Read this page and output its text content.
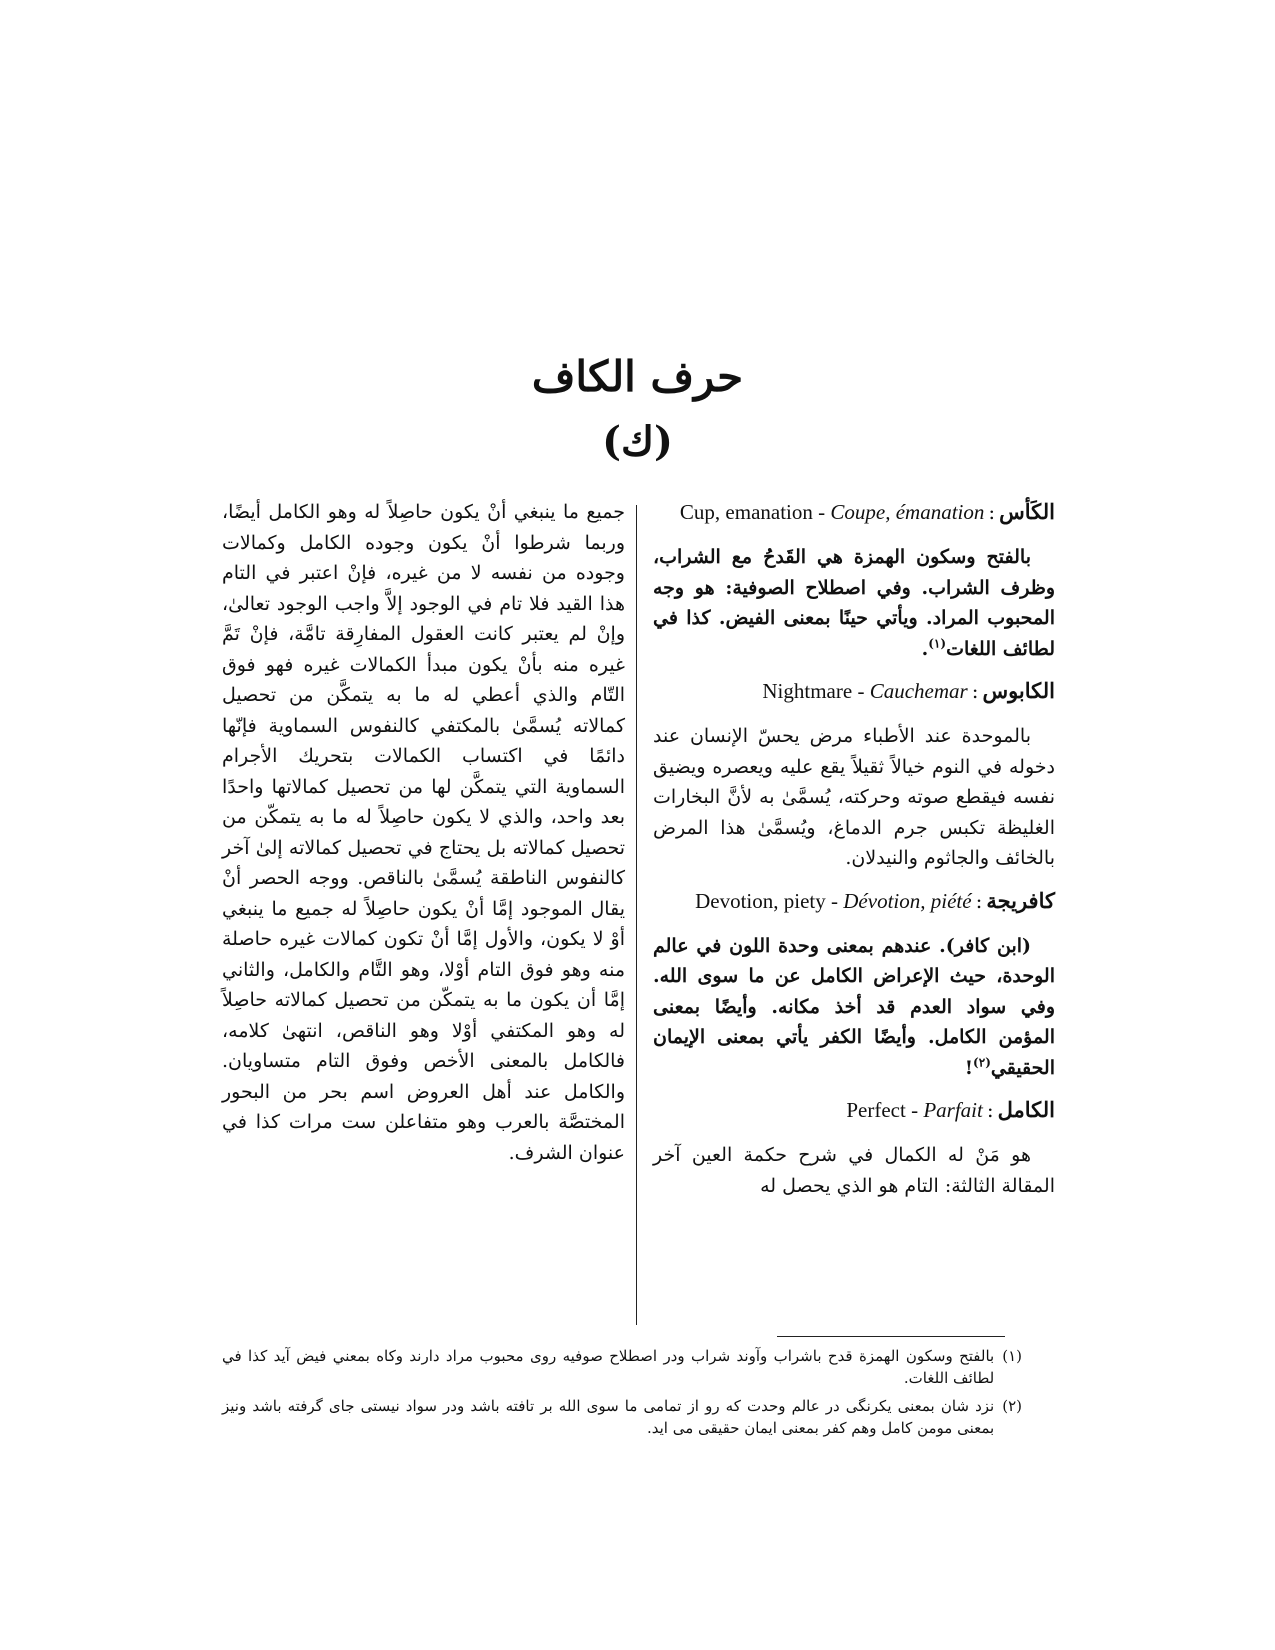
حرف الكاف
(ك)
الكَأس:Cup, emanation - Coupe, émanation

بالفتح وسكون الهمزة هي القَدحُ مع الشراب، وظرف الشراب. وفي اصطلاح الصوفية: هو وجه المحبوب المراد. ويأتي حينًا بمعنى الفيض. كذا في لطائف اللغات$^{(١)}$.

الكابوس:Nightmare - Cauchemar

بالموحدة عند الأطباء مرض يحسّ الإنسان عند دخوله في النوم خيالاً ثقيلاً يقع عليه ويعصره ويضيق نفسه فيقطع صوته وحركته، يُسمَّىٰ به لأنَّ البخارات الغليظة تكبس جرم الدماغ، ويُسمَّىٰ هذا المرض بالخائف والجاثوم والنيدلان.

كافريجة:Devotion, piety - Dévotion, piété

(ابن كافر). عندهم بمعنى وحدة اللون في عالم الوحدة، حيث الإعراض الكامل عن ما سوى الله. وفي سواد العدم قد أخذ مكانه. وأيضًا بمعنى المؤمن الكامل. وأيضًا الكفر يأتي بمعنى الإيمان الحقيقي$^{(٢)}$!

الكامل:Perfect - Parfait

هو مَنْ له الكمال في شرح حكمة العين آخر المقالة الثالثة: التام هو الذي يحصل له

جميع ما ينبغي أنْ يكون حاصِلاً له وهو الكامل أيضًا، وربما شرطوا أنْ يكون وجوده الكامل وكمالات وجوده من نفسه لا من غيره، فإنْ اعتبر في التام هذا القيد فلا تام في الوجود إلاَّ واجب الوجود تعالىٰ، وإنْ لم يعتبر كانت العقول المفارِقة تامَّة، فإنْ تَمَّ غيره منه بأنْ يكون مبدأ الكمالات غيره فهو فوق التّام والذي أعطي له ما به يتمكَّن من تحصيل كمالاته يُسمَّىٰ بالمكتفي كالنفوس السماوية فإنّها دائمًا في اكتساب الكمالات بتحريك الأجرام السماوية التي يتمكَّن لها من تحصيل كمالاتها واحدًا بعد واحد، والذي لا يكون حاصِلاً له ما به يتمكّن من تحصيل كمالاته بل يحتاج في تحصيل كمالاته إلىٰ آخر كالنفوس الناطقة يُسمَّىٰ بالناقص. ووجه الحصر أنْ يقال الموجود إمَّا أنْ يكون حاصِلاً له جميع ما ينبغي أوْ لا يكون، والأول إمَّا أنْ تكون كمالات غيره حاصلة منه وهو فوق التام أوْلا، وهو التَّام والكامل، والثاني إمَّا أن يكون ما به يتمكّن من تحصيل كمالاته حاصِلاً له وهو المكتفي أوْلا وهو الناقص، انتهىٰ كلامه، فالكامل بالمعنى الأخص وفوق التام متساويان. والكامل عند أهل العروض اسم بحر من البحور المختصَّة بالعرب وهو متفاعلن ست مرات كذا في عنوان الشرف.

(١)
بالفتح وسكون الهمزة قدح باشراب وآوند شراب ودر اصطلاح صوفيه روى محبوب مراد دارند وكاه بمعني فيض آيد كذا في لطائف اللغات.
(٢)
نزد شان بمعنى يكرنگى در عالم وحدت كه رو از تمامى ما سوى الله بر تافته باشد ودر سواد نيستى جاى گرفته باشد ونيز بمعنى مومن كامل وهم كفر بمعنى ايمان حقيقى مى ايد.
